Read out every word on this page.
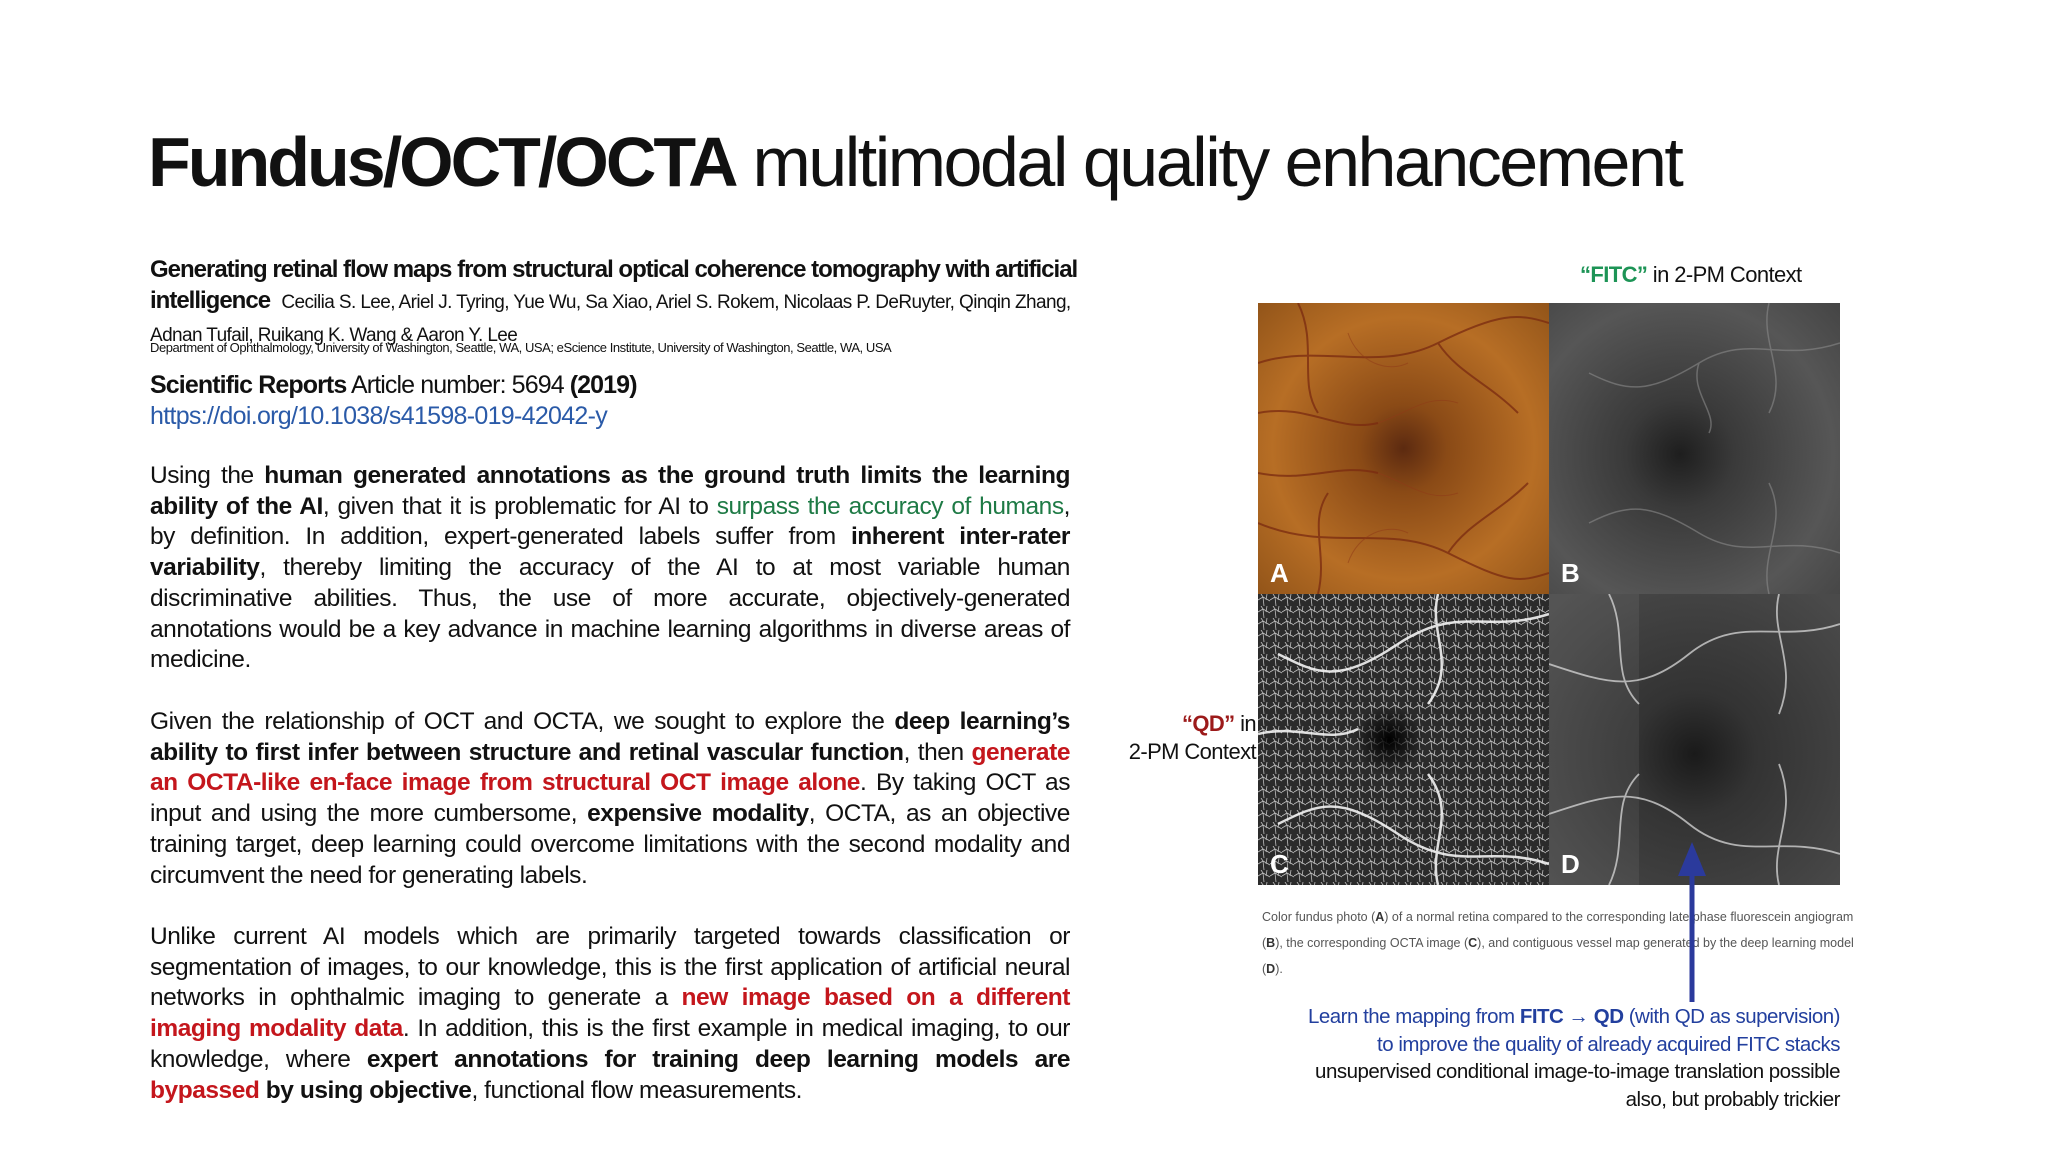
Fundus/OCT/OCTA multimodal quality enhancement
Generating retinal flow maps from structural optical coherence tomography with artificial intelligence Cecilia S. Lee, Ariel J. Tyring, Yue Wu, Sa Xiao, Ariel S. Rokem, Nicolaas P. DeRuyter, Qinqin Zhang, Adnan Tufail, Ruikang K. Wang & Aaron Y. Lee
Department of Ophthalmology, University of Washington, Seattle, WA, USA; eScience Institute, University of Washington, Seattle, WA, USA
Scientific Reports Article number: 5694 (2019)
https://doi.org/10.1038/s41598-019-42042-y
Using the human generated annotations as the ground truth limits the learning ability of the AI, given that it is problematic for AI to surpass the accuracy of humans, by definition. In addition, expert-generated labels suffer from inherent inter-rater variability, thereby limiting the accuracy of the AI to at most variable human discriminative abilities. Thus, the use of more accurate, objectively-generated annotations would be a key advance in machine learning algorithms in diverse areas of medicine.
Given the relationship of OCT and OCTA, we sought to explore the deep learning’s ability to first infer between structure and retinal vascular function, then generate an OCTA-like en-face image from structural OCT image alone. By taking OCT as input and using the more cumbersome, expensive modality, OCTA, as an objective training target, deep learning could overcome limitations with the second modality and circumvent the need for generating labels.
Unlike current AI models which are primarily targeted towards classification or segmentation of images, to our knowledge, this is the first application of artificial neural networks in ophthalmic imaging to generate a new image based on a different imaging modality data. In addition, this is the first example in medical imaging, to our knowledge, where expert annotations for training deep learning models are bypassed by using objective, functional flow measurements.
“FITC” in 2-PM Context
“QD” in
2-PM Context
A	B
C	D
Color fundus photo (A) of a normal retina compared to the corresponding late phase fluorescein angiogram (B), the corresponding OCTA image (C), and contiguous vessel map generated by the deep learning model (D).
Learn the mapping from FITC → QD (with QD as supervision)
to improve the quality of already acquired FITC stacks
unsupervised conditional image-to-image translation possible
also, but probably trickier
